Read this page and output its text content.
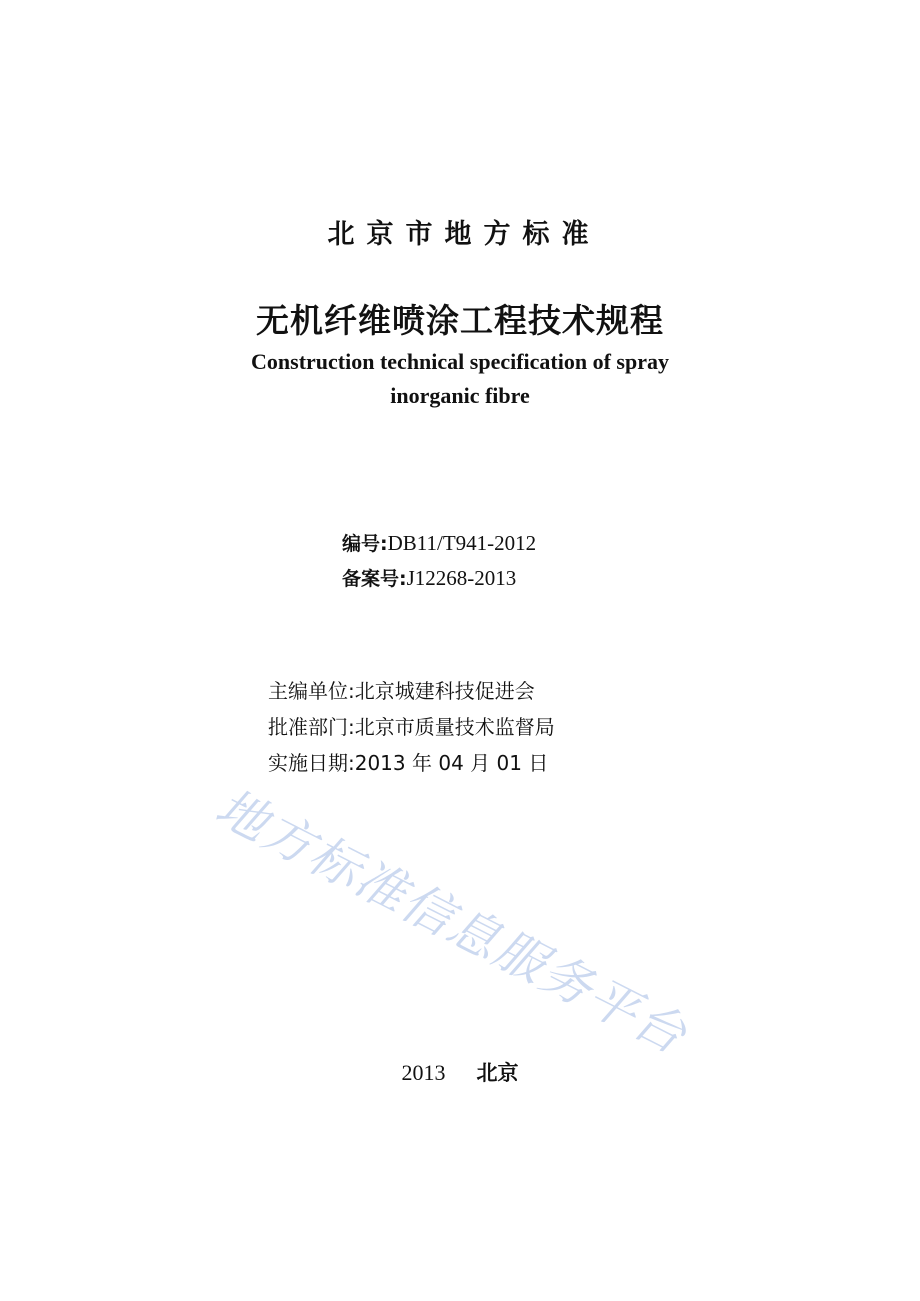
北京市地方标准
无机纤维喷涂工程技术规程
Construction technical specification of spray
inorganic fibre
编号: DB11/T941-2012
备案号: J12268-2013
主编单位:北京城建科技促进会
批准部门:北京市质量技术监督局
实施日期:2013 年 04 月 01 日
地方标准信息服务平台
2013 北京
